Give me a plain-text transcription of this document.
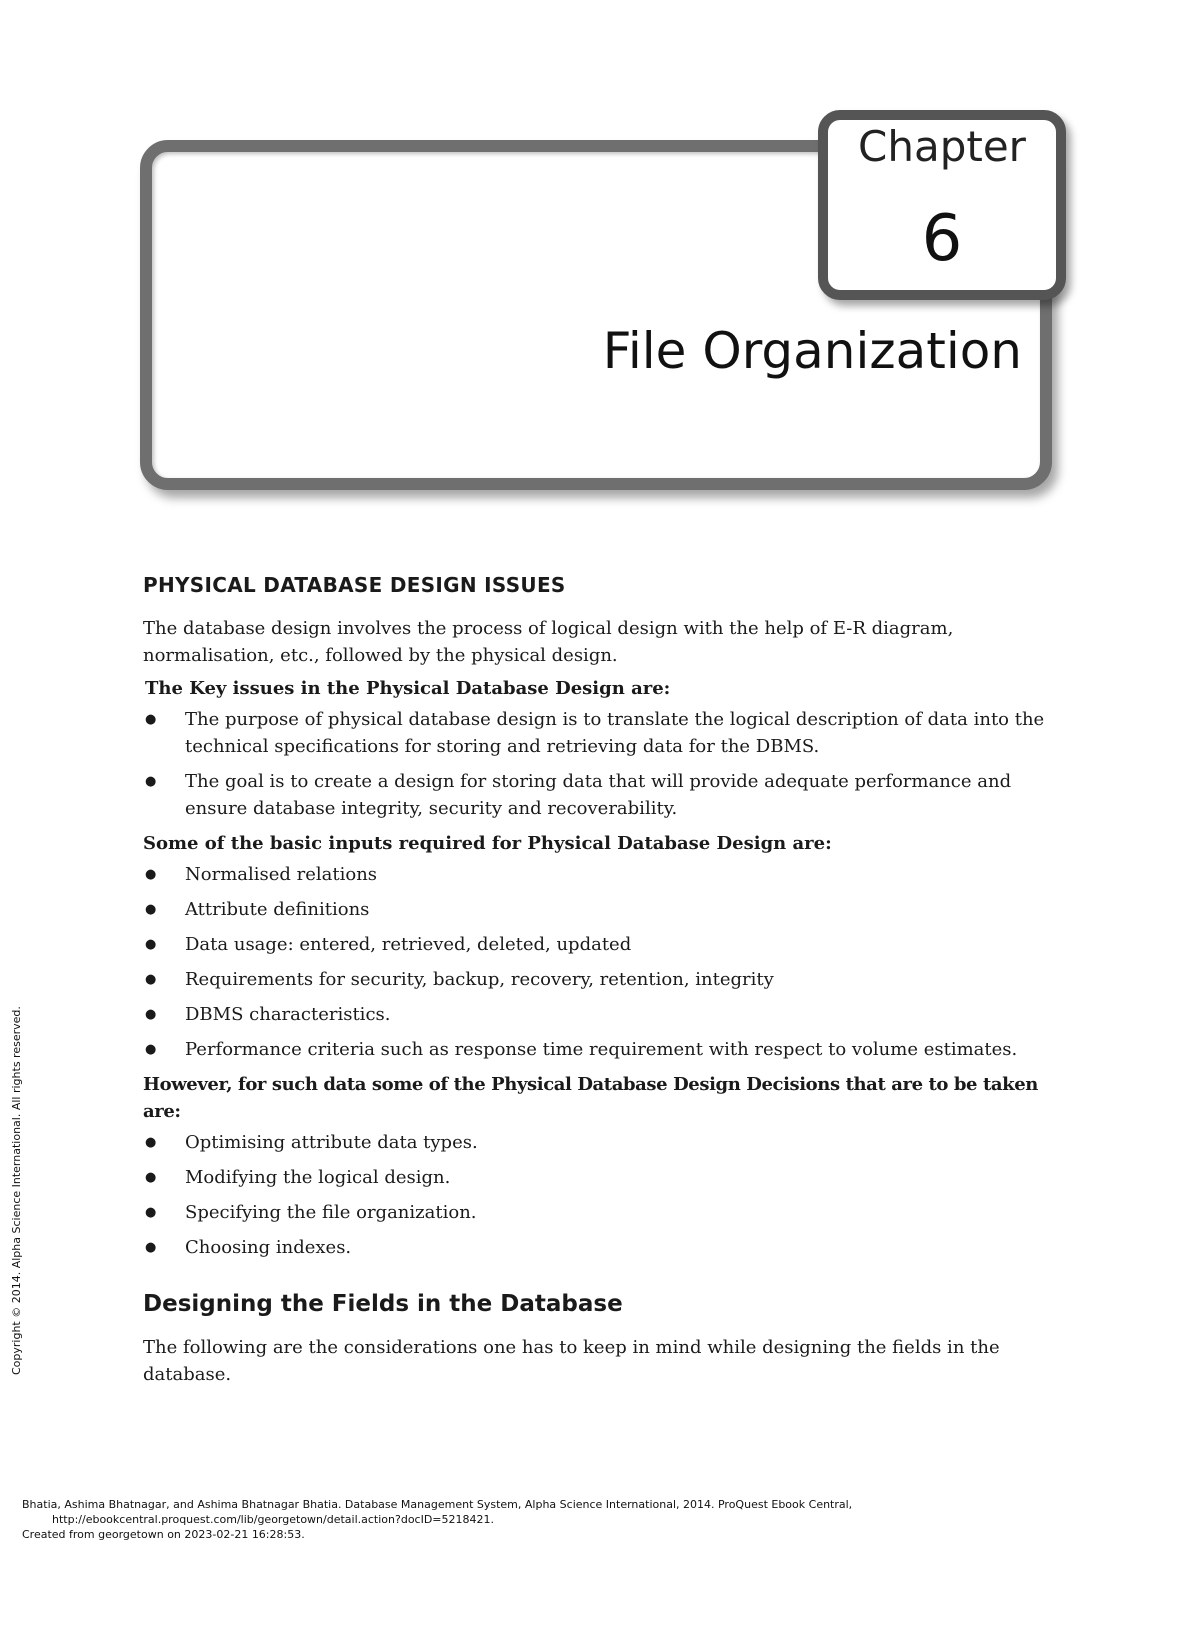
Chapter
6
File Organization
PHYSICAL DATABASE DESIGN ISSUES

The database design involves the process of logical design with the help of E-R diagram, normalisation, etc., followed by the physical design.

The Key issues in the Physical Database Design are:
● The purpose of physical database design is to translate the logical description of data into the technical specifications for storing and retrieving data for the DBMS.
● The goal is to create a design for storing data that will provide adequate performance and ensure database integrity, security and recoverability.
Some of the basic inputs required for Physical Database Design are:
● Normalised relations
● Attribute definitions
● Data usage: entered, retrieved, deleted, updated
● Requirements for security, backup, recovery, retention, integrity
● DBMS characteristics.
● Performance criteria such as response time requirement with respect to volume estimates.
However, for such data some of the Physical Database Design Decisions that are to be taken are:
● Optimising attribute data types.
● Modifying the logical design.
● Specifying the file organization.
● Choosing indexes.
Designing the Fields in the Database

The following are the considerations one has to keep in mind while designing the fields in the database.

Copyright © 2014. Alpha Science International. All rights reserved.
Bhatia, Ashima Bhatnagar, and Ashima Bhatnagar Bhatia. Database Management System, Alpha Science International, 2014. ProQuest Ebook Central,
http://ebookcentral.proquest.com/lib/georgetown/detail.action?docID=5218421.
Created from georgetown on 2023-02-21 16:28:53.
